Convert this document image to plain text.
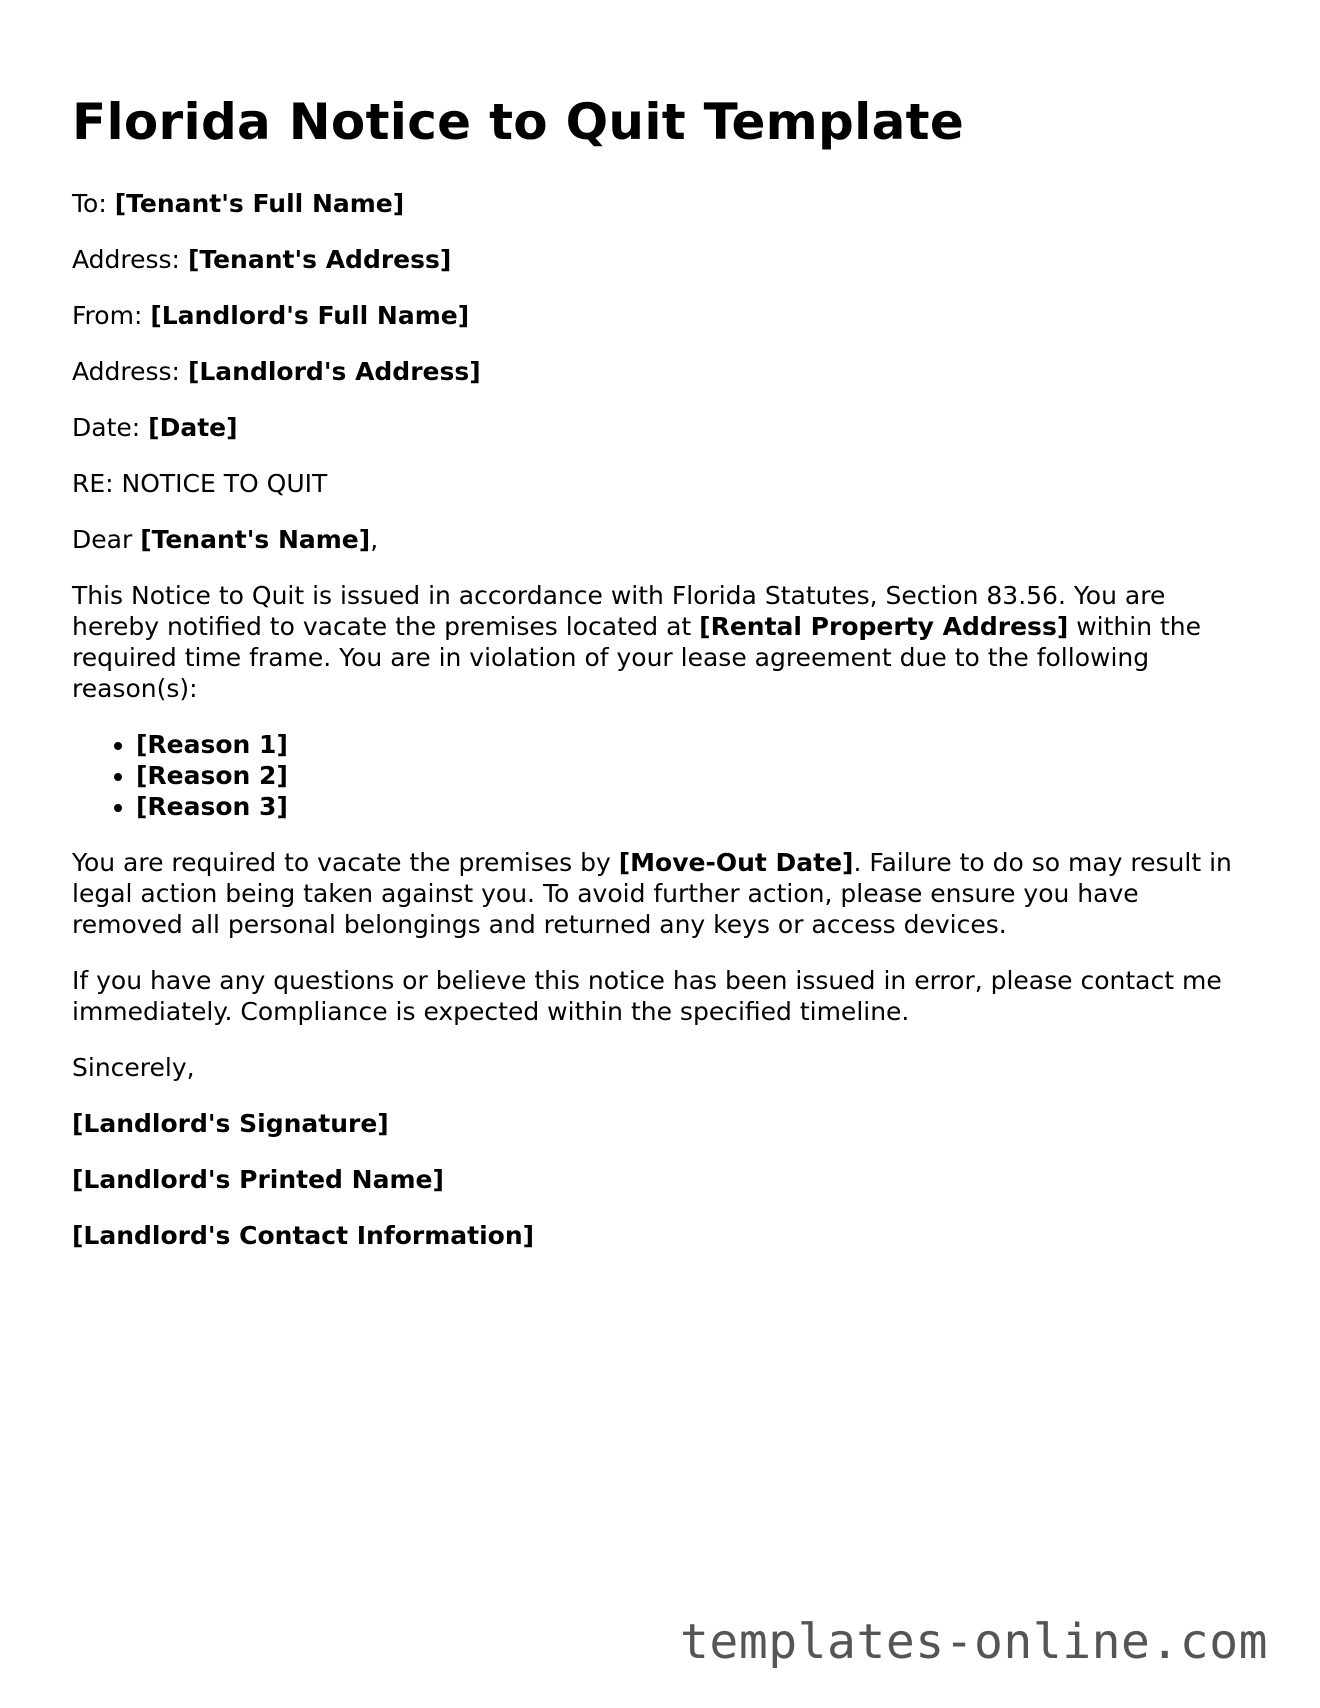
Florida Notice to Quit Template

To: [Tenant's Full Name]

Address: [Tenant's Address]

From: [Landlord's Full Name]

Address: [Landlord's Address]

Date: [Date]

RE: NOTICE TO QUIT

Dear [Tenant's Name],

This Notice to Quit is issued in accordance with Florida Statutes, Section 83.56. You are hereby notified to vacate the premises located at [Rental Property Address] within the required time frame. You are in violation of your lease agreement due to the following reason(s):

• [Reason 1]
• [Reason 2]
• [Reason 3]

You are required to vacate the premises by [Move-Out Date]. Failure to do so may result in legal action being taken against you. To avoid further action, please ensure you have removed all personal belongings and returned any keys or access devices.

If you have any questions or believe this notice has been issued in error, please contact me immediately. Compliance is expected within the specified timeline.

Sincerely,

[Landlord's Signature]

[Landlord's Printed Name]

[Landlord's Contact Information]

templates-online.com
